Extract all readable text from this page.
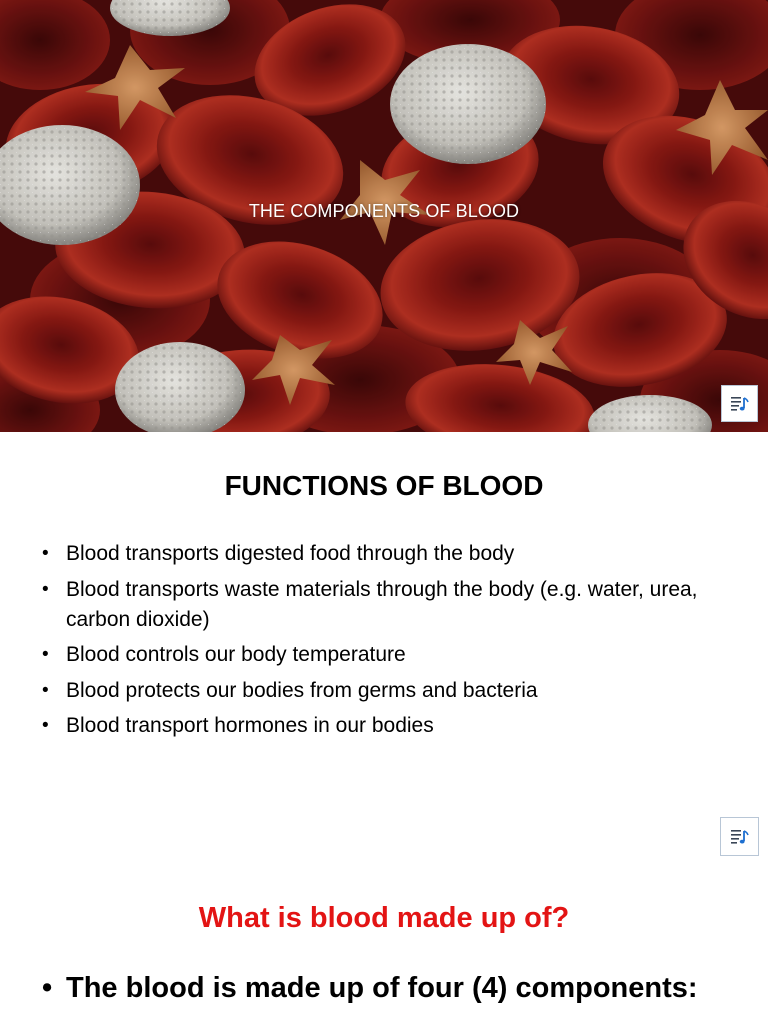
THE COMPONENTS OF BLOOD
FUNCTIONS OF BLOOD
• Blood transports digested food through the body
• Blood transports waste materials through the body (e.g. water, urea, carbon dioxide)
• Blood controls our body temperature
• Blood protects our bodies from germs and bacteria
• Blood transport hormones in our bodies
What is blood made up of?
• The blood is made up of four (4) components:
